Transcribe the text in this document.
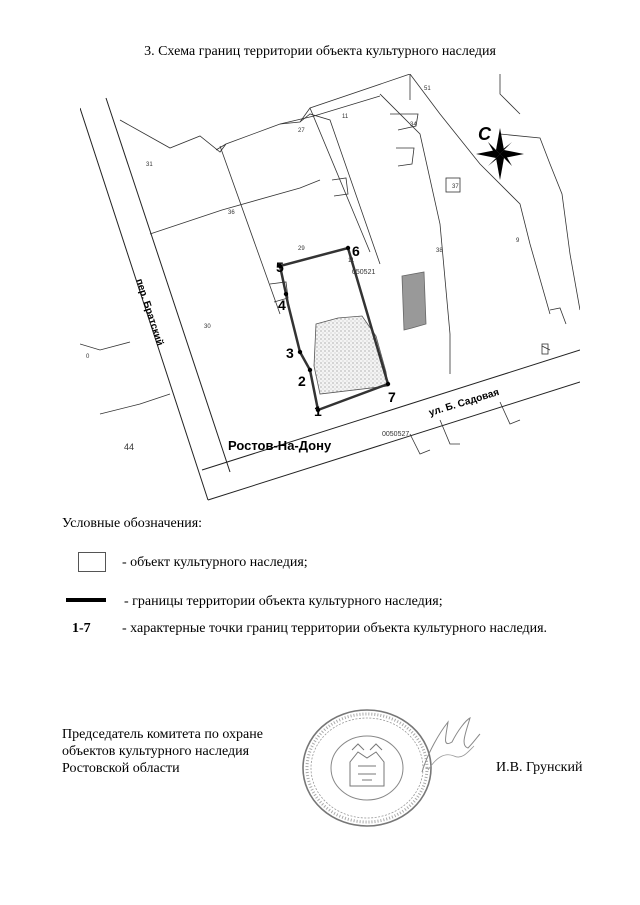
3. Схема границ территории объекта культурного наследия
1
2
3
4
5
6
7
51
34
38
11
11
27
31
37
9
36
29
30
0
44
050521
0050527
пер. Братский
ул. Б. Садовая
Ростов-На-Дону
С
Условные обозначения:
- объект культурного наследия;
- границы территории объекта культурного наследия;
1-7 - характерные точки границ территории объекта культурного наследия.
Председатель комитета по охране
объектов культурного наследия
Ростовской области	И.В. Грунский
